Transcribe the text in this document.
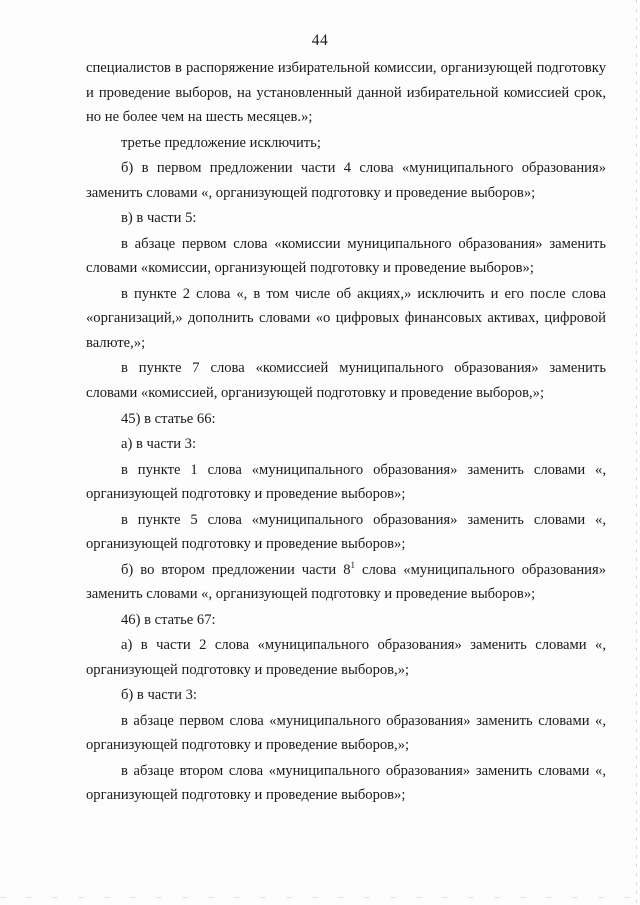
44

специалистов в распоряжение избирательной комиссии, организующей подготовку и проведение выборов, на установленный данной избирательной комиссией срок, но не более чем на шесть месяцев.»;

третье предложение исключить;

б) в первом предложении части 4 слова «муниципального образования» заменить словами «, организующей подготовку и проведение выборов»;

в) в части 5:

в абзаце первом слова «комиссии муниципального образования» заменить словами «комиссии, организующей подготовку и проведение выборов»;

в пункте 2 слова «, в том числе об акциях,» исключить и его после слова «организаций,» дополнить словами «о цифровых финансовых активах, цифровой валюте,»;

в пункте 7 слова «комиссией муниципального образования» заменить словами «комиссией, организующей подготовку и проведение выборов,»;

45) в статье 66:

а) в части 3:

в пункте 1 слова «муниципального образования» заменить словами «, организующей подготовку и проведение выборов»;

в пункте 5 слова «муниципального образования» заменить словами «, организующей подготовку и проведение выборов»;

б) во втором предложении части $8^1$ слова «муниципального образования» заменить словами «, организующей подготовку и проведение выборов»;

46) в статье 67:

а) в части 2 слова «муниципального образования» заменить словами «, организующей подготовку и проведение выборов,»;

б) в части 3:

в абзаце первом слова «муниципального образования» заменить словами «, организующей подготовку и проведение выборов,»;

в абзаце втором слова «муниципального образования» заменить словами «, организующей подготовку и проведение выборов»;
